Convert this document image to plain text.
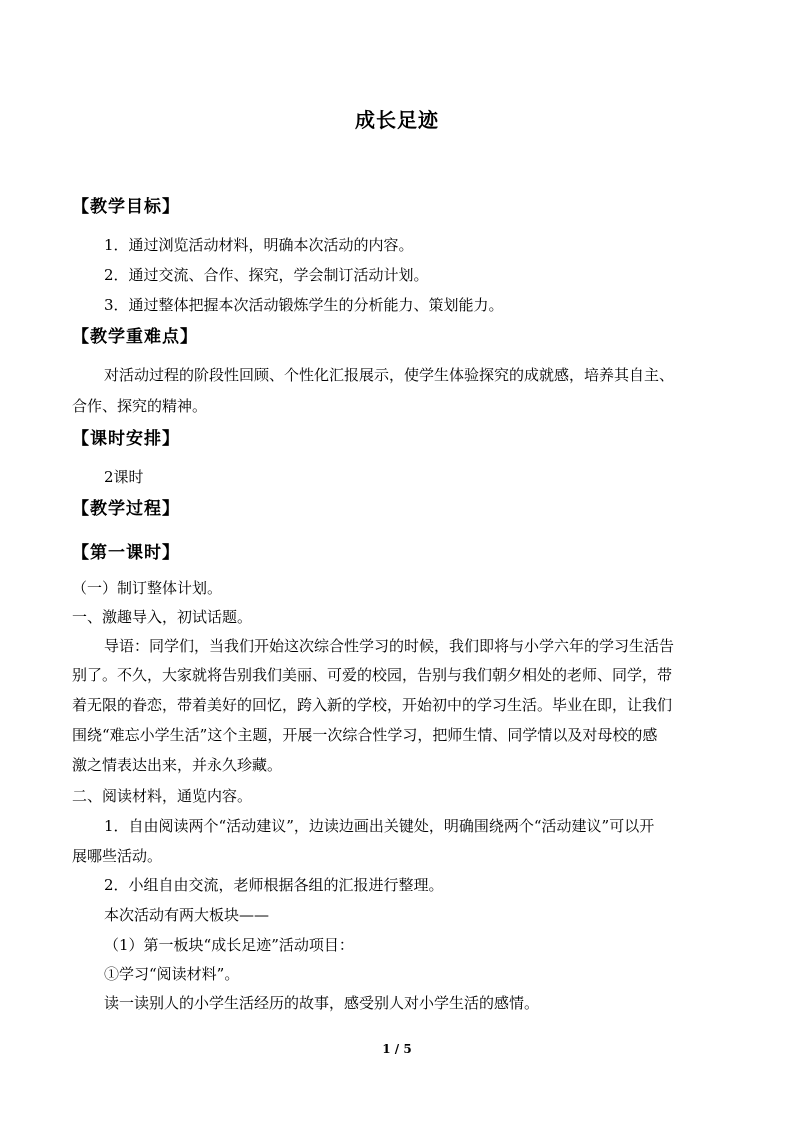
成长足迹
【教学目标】
1．通过浏览活动材料，明确本次活动的内容。
2．通过交流、合作、探究，学会制订活动计划。
3．通过整体把握本次活动锻炼学生的分析能力、策划能力。
【教学重难点】
对活动过程的阶段性回顾、个性化汇报展示，使学生体验探究的成就感，培养其自主、
合作、探究的精神。
【课时安排】
2课时
【教学过程】
【第一课时】
（一）制订整体计划。
一、激趣导入，初试话题。
导语：同学们，当我们开始这次综合性学习的时候，我们即将与小学六年的学习生活告
别了。不久，大家就将告别我们美丽、可爱的校园，告别与我们朝夕相处的老师、同学，带
着无限的眷恋，带着美好的回忆，跨入新的学校，开始初中的学习生活。毕业在即，让我们
围绕“难忘小学生活”这个主题，开展一次综合性学习，把师生情、同学情以及对母校的感
激之情表达出来，并永久珍藏。
二、阅读材料，通览内容。
1．自由阅读两个“活动建议”，边读边画出关键处，明确围绕两个“活动建议”可以开
展哪些活动。
2．小组自由交流，老师根据各组的汇报进行整理。
本次活动有两大板块——
（1）第一板块“成长足迹”活动项目：
①学习“阅读材料”。
读一读别人的小学生活经历的故事，感受别人对小学生活的感情。
1 / 5
